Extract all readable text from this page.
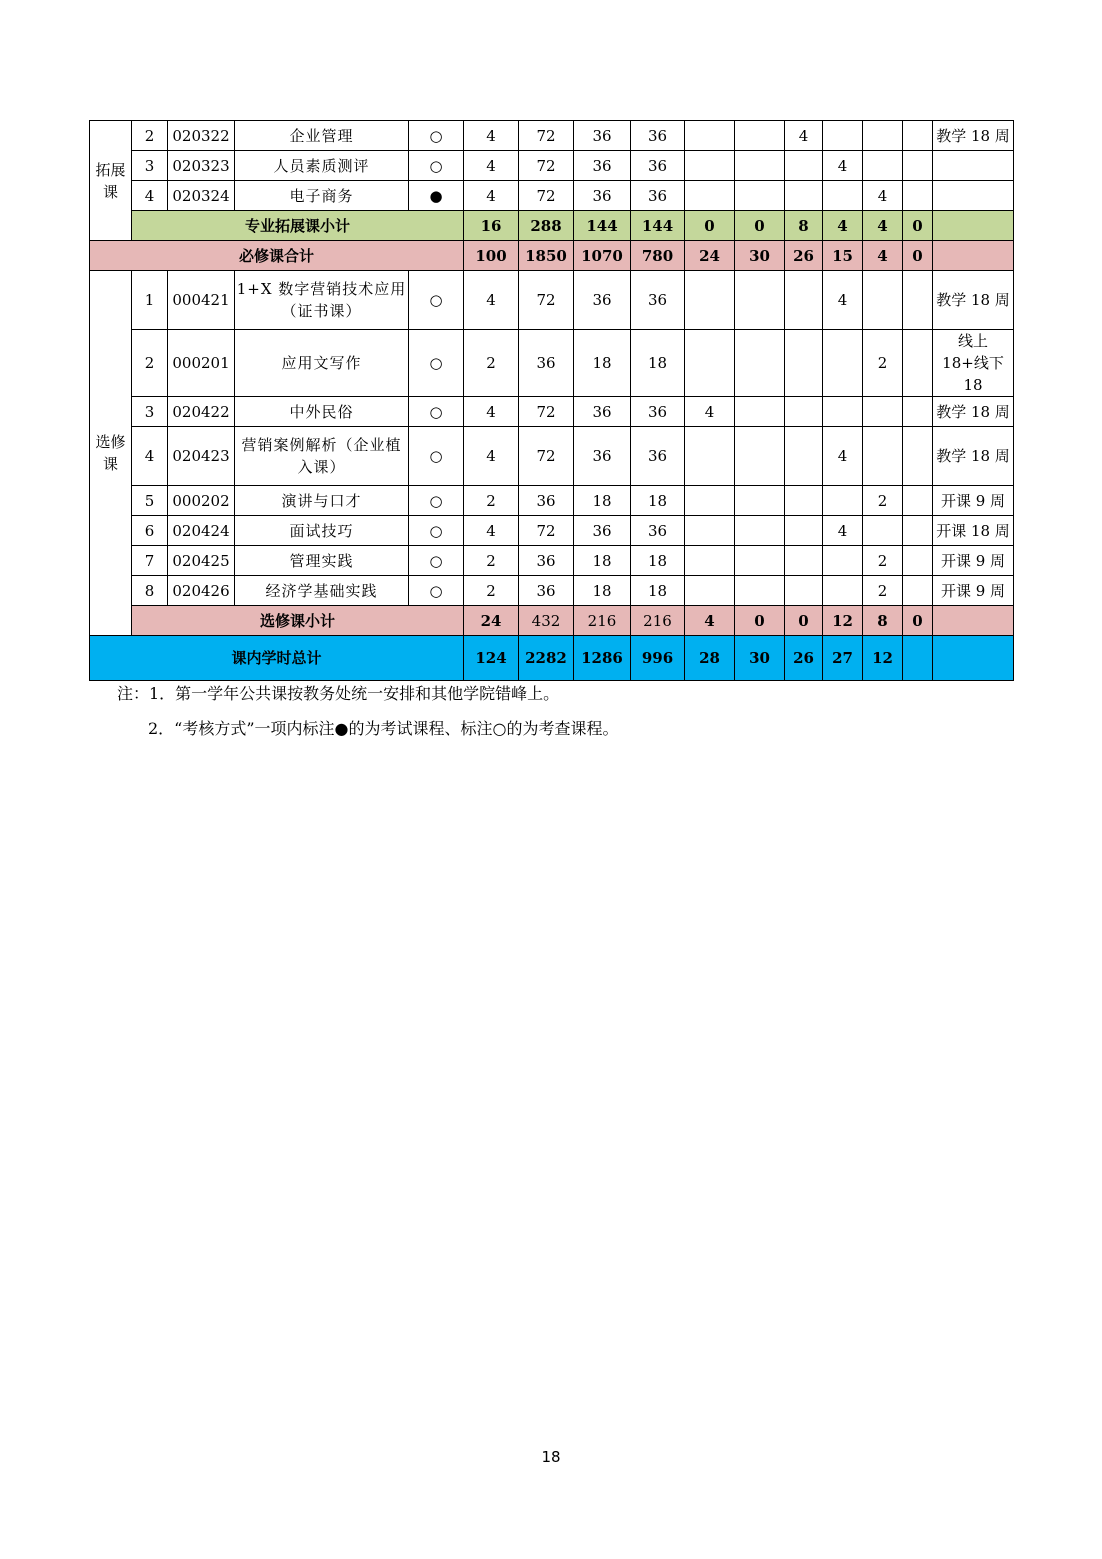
拓展课	2	020322	企业管理	○	4	72	36	36			4				教学 18 周
	3	020323	人员素质测评	○	4	72	36	36				4			
	4	020324	电子商务	●	4	72	36	36					4		
	专业拓展课小计				16	288	144	144	0	0	8	4	4	0	
必修课合计					100	1850	1070	780	24	30	26	15	4	0	
选修课	1	000421	1+X 数字营销技术应用（证书课）	○	4	72	36	36				4			教学 18 周
	2	000201	应用文写作	○	2	36	18	18					2		线上 18+线下 18
	3	020422	中外民俗	○	4	72	36	36	4						教学 18 周
	4	020423	营销案例解析（企业植入课）	○	4	72	36	36				4			教学 18 周
	5	000202	演讲与口才	○	2	36	18	18					2		开课 9 周
	6	020424	面试技巧	○	4	72	36	36				4			开课 18 周
	7	020425	管理实践	○	2	36	18	18					2		开课 9 周
	8	020426	经济学基础实践	○	2	36	18	18					2		开课 9 周
	选修课小计				24	432	216	216	4	0	0	12	8	0	
课内学时总计					124	2282	1286	996	28	30	26	27	12		
注：1．第一学年公共课按教务处统一安排和其他学院错峰上。
2．“考核方式”一项内标注●的为考试课程、标注○的为考查课程。
18
